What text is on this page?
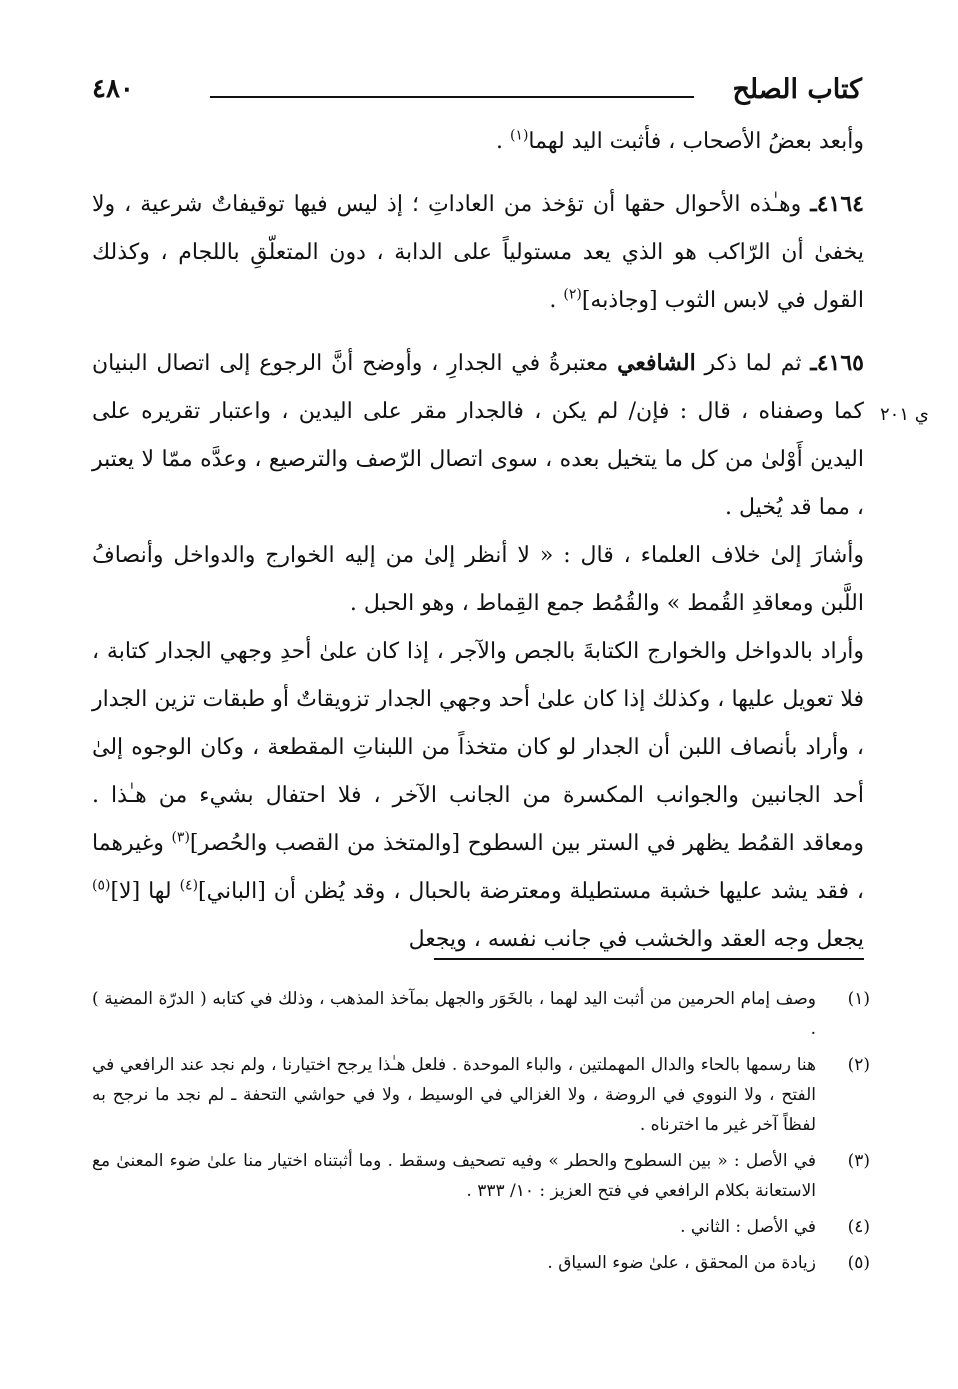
٤٨٠	كتاب الصلح
ي ٢٠١

وأبعد بعضُ الأصحاب ، فأثبت اليد لهما$^{(١)}$ .

٤١٦٤ـ وهـٰذه الأحوال حقها أن تؤخذ من العاداتِ ؛ إذ ليس فيها توقيفاتٌ شرعية ، ولا يخفىٰ أن الرّاكب هو الذي يعد مستولياً على الدابة ، دون المتعلّقِ باللجام ، وكذلك القول في لابس الثوب [وجاذبه]$^{(٢)}$ .

٤١٦٥ـ ثم لما ذكر الشافعي معتبرةُ في الجدارِ ، وأوضح أنَّ الرجوع إلى اتصال البنيان كما وصفناه ، قال : فإن/ لم يكن ، فالجدار مقر على اليدين ، واعتبار تقريره على اليدين أَوْلىٰ من كل ما يتخيل بعده ، سوى اتصال الرّصف والترصيع ، وعدَّه ممّا لا يعتبر ، مما قد يُخيل .

وأشارَ إلىٰ خلاف العلماء ، قال : « لا أنظر إلىٰ من إليه الخوارج والدواخل وأنصافُ اللَّبن ومعاقدِ القُمط » والقُمُط جمع القِماط ، وهو الحبل .

وأراد بالدواخل والخوارج الكتابةَ بالجص والآجر ، إذا كان علىٰ أحدِ وجهي الجدار كتابة ، فلا تعويل عليها ، وكذلك إذا كان علىٰ أحد وجهي الجدار تزويقاتٌ أو طبقات تزين الجدار ، وأراد بأنصاف اللبن أن الجدار لو كان متخذاً من اللبناتِ المقطعة ، وكان الوجوه إلىٰ أحد الجانبين والجوانب المكسرة من الجانب الآخر ، فلا احتفال بشيء من هـٰذا . ومعاقد القمُط يظهر في الستر بين السطوح [والمتخذ من القصب والحُصر]$^{(٣)}$ وغيرهما ، فقد يشد عليها خشبة مستطيلة ومعترضة بالحبال ، وقد يُظن أن [الباني]$^{(٤)}$ لها [لا]$^{(٥)}$ يجعل وجه العقد والخشب في جانب نفسه ، ويجعل

(١)
وصف إمام الحرمين من أثبت اليد لهما ، بالخَوَر والجهل بمآخذ المذهب ، وذلك في كتابه ( الدرّة المضية ) .
(٢)
هنا رسمها بالحاء والدال المهملتين ، والباء الموحدة . فلعل هـٰذا يرجح اختيارنا ، ولم نجد عند الرافعي في الفتح ، ولا النووي في الروضة ، ولا الغزالي في الوسيط ، ولا في حواشي التحفة ـ لم نجد ما نرجح به لفظاً آخر غير ما اخترناه .
(٣)
في الأصل : « بين السطوح والحطر » وفيه تصحيف وسقط . وما أثبتناه اختيار منا علىٰ ضوء المعنىٰ مع الاستعانة بكلام الرافعي في فتح العزيز : ١٠/ ٣٣٣ .
(٤)
في الأصل : الثاني .
(٥)
زيادة من المحقق ، علىٰ ضوء السياق .
